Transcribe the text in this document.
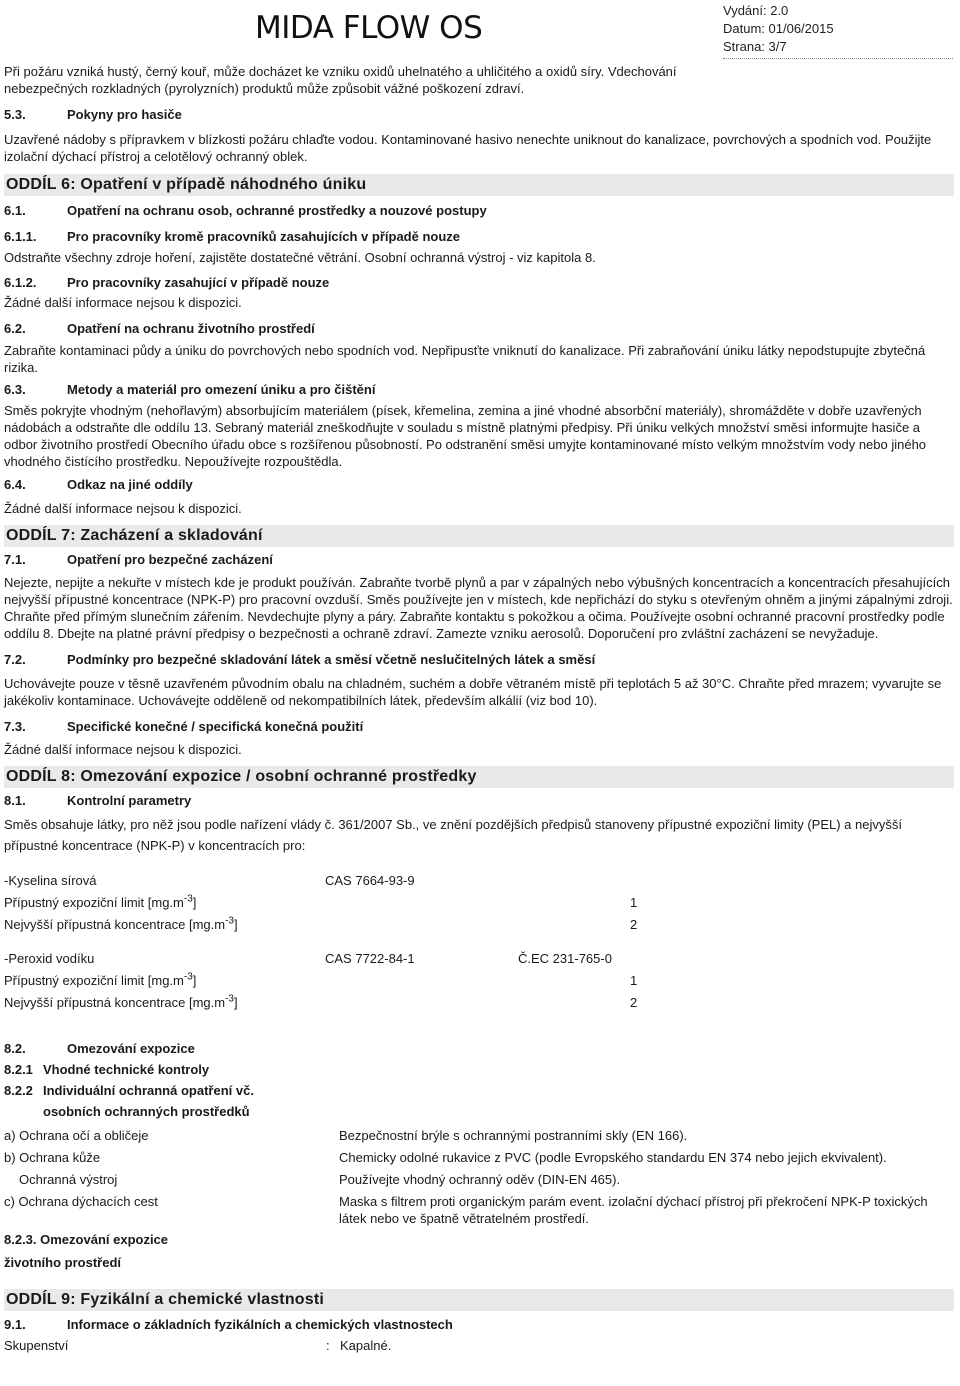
MIDA FLOW OS	Vydání: 2.0
Datum: 01/06/2015
Strana: 3/7

Při požáru vzniká hustý, černý kouř, může docházet ke vzniku oxidů uhelnatého a uhličitého a oxidů síry. Vdechování nebezpečných rozkladných (pyrolyzních) produktů může způsobit vážné poškození zdraví.

5.3.	Pokyny pro hasiče

Uzavřené nádoby s přípravkem v blízkosti požáru chlaďte vodou. Kontaminované hasivo nenechte uniknout do kanalizace, povrchových a spodních vod. Použijte izolační dýchací přístroj a celotělový ochranný oblek.

ODDÍL 6: Opatření v případě náhodného úniku
6.1.	Opatření na ochranu osob, ochranné prostředky a nouzové postupy
6.1.1. Pro pracovníky kromě pracovníků zasahujících v případě nouze

Odstraňte všechny zdroje hoření, zajistěte dostatečné větrání. Osobní ochranná výstroj - viz kapitola 8.

6.1.2. Pro pracovníky zasahující v případě nouze

Žádné další informace nejsou k dispozici.

6.2.	Opatření na ochranu životního prostředí

Zabraňte kontaminaci půdy a úniku do povrchových nebo spodních vod. Nepřipusťte vniknutí do kanalizace. Při zabraňování úniku látky nepodstupujte zbytečná rizika.

6.3.	Metody a materiál pro omezení úniku a pro čištění

Směs pokryjte vhodným (nehořlavým) absorbujícím materiálem (písek, křemelina, zemina a jiné vhodné absorbční materiály), shromážděte v dobře uzavřených nádobách a odstraňte dle oddílu 13. Sebraný materiál zneškodňujte v souladu s místně platnými předpisy. Při úniku velkých množství směsi informujte hasiče a odbor životního prostředí Obecního úřadu obce s rozšířenou působností. Po odstranění směsi umyjte kontaminované místo velkým množstvím vody nebo jiného vhodného čistícího prostředku. Nepoužívejte rozpouštědla.

6.4.	Odkaz na jiné oddíly

Žádné další informace nejsou k dispozici.

ODDÍL 7: Zacházení a skladování
7.1.	Opatření pro bezpečné zacházení

Nejezte, nepijte a nekuřte v místech kde je produkt používán. Zabraňte tvorbě plynů a par v zápalných nebo výbušných koncentracích a koncentracích přesahujících nejvyšší přípustné koncentrace (NPK-P) pro pracovní ovzduší. Směs používejte jen v místech, kde nepřichází do styku s otevřeným ohněm a jinými zápalnými zdroji. Chraňte před přímým slunečním zářením. Nevdechujte plyny a páry. Zabraňte kontaktu s pokožkou a očima. Používejte osobní ochranné pracovní prostředky podle oddílu 8. Dbejte na platné právní předpisy o bezpečnosti a ochraně zdraví. Zamezte vzniku aerosolů. Doporučení pro zvláštní zacházení se nevyžaduje.

7.2.	Podmínky pro bezpečné skladování látek a směsí včetně neslučitelných látek a směsí

Uchovávejte pouze v těsně uzavřeném původním obalu na chladném, suchém a dobře větraném místě při teplotách 5 až 30°C. Chraňte před mrazem; vyvarujte se jakékoliv kontaminace. Uchovávejte odděleně od nekompatibilních látek, především alkálií (viz bod 10).

7.3.	Specifické konečné / specifická konečná použití

Žádné další informace nejsou k dispozici.

ODDÍL 8: Omezování expozice / osobní ochranné prostředky
8.1.	Kontrolní parametry

Směs obsahuje látky, pro něž jsou podle nařízení vlády č. 361/2007 Sb., ve znění pozdějších předpisů stanoveny přípustné expoziční limity (PEL) a nejvyšší přípustné koncentrace (NPK-P) v koncentracích pro:

-Kyselina sírová	CAS 7664-93-9
Přípustný expoziční limit $[mg.m^{-3}]$	1
Nejvyšší přípustná koncentrace $[mg.m^{-3}]$	2
-Peroxid vodíku	CAS 7722-84-1	Č.EC 231-765-0
Přípustný expoziční limit $[mg.m^{-3}]$	1
Nejvyšší přípustná koncentrace $[mg.m^{-3}]$	2
8.2.	Omezování expozice
8.2.1 Vhodné technické kontroly
8.2.2 Individuální ochranná opatření vč.
osobních ochranných prostředků
a) Ochrana očí a obličeje	Bezpečnostní brýle s ochrannými postranními skly (EN 166).
b) Ochrana kůže	Chemicky odolné rukavice z PVC (podle Evropského standardu EN 374 nebo jejich ekvivalent).
Ochranná výstroj	Používejte vhodný ochranný oděv (DIN-EN 465).
c) Ochrana dýchacích cest	Maska s filtrem proti organickým parám event. izolační dýchací přístroj při překročení NPK-P toxických látek nebo ve špatně větratelném prostředí.
8.2.3. Omezování expozice
životního prostředí
ODDÍL 9: Fyzikální a chemické vlastnosti
9.1.	Informace o základních fyzikálních a chemických vlastnostech
Skupenství	: Kapalné.
